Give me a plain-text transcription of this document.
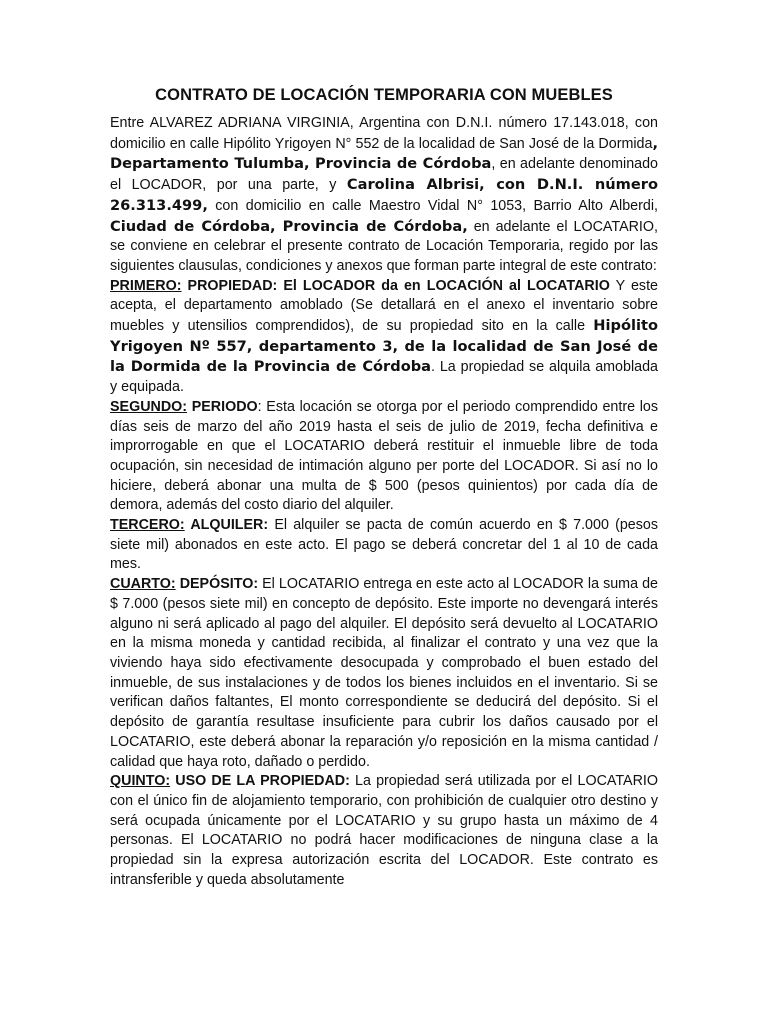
CONTRATO DE LOCACIÓN TEMPORARIA CON MUEBLES

Entre ALVAREZ ADRIANA VIRGINIA, Argentina con D.N.I. número 17.143.018, con domicilio en calle Hipólito Yrigoyen N° 552 de la localidad de San José de la Dormida, Departamento Tulumba, Provincia de Córdoba, en adelante denominado el LOCADOR, por una parte, y Carolina Albrisi, con D.N.I. número 26.313.499, con domicilio en calle Maestro Vidal N° 1053, Barrio Alto Alberdi, Ciudad de Córdoba, Provincia de Córdoba, en adelante el LOCATARIO, se conviene en celebrar el presente contrato de Locación Temporaria, regido por las siguientes clausulas, condiciones y anexos que forman parte integral de este contrato:

PRIMERO: PROPIEDAD: El LOCADOR da en LOCACIÓN al LOCATARIO Y este acepta, el departamento amoblado (Se detallará en el anexo el inventario sobre muebles y utensilios comprendidos), de su propiedad sito en la calle Hipólito Yrigoyen Nº 557, departamento 3, de la localidad de San José de la Dormida de la Provincia de Córdoba. La propiedad se alquila amoblada y equipada.

SEGUNDO: PERIODO: Esta locación se otorga por el periodo comprendido entre los días seis de marzo del año 2019 hasta el seis de julio de 2019, fecha definitiva e improrrogable en que el LOCATARIO deberá restituir el inmueble libre de toda ocupación, sin necesidad de intimación alguno per porte del LOCADOR. Si así no lo hiciere, deberá abonar una multa de $ 500 (pesos quinientos) por cada día de demora, además del costo diario del alquiler.

TERCERO: ALQUILER: El alquiler se pacta de común acuerdo en $ 7.000 (pesos siete mil) abonados en este acto. El pago se deberá concretar del 1 al 10 de cada mes.

CUARTO: DEPÓSITO: El LOCATARIO entrega en este acto al LOCADOR la suma de $ 7.000 (pesos siete mil) en concepto de depósito. Este importe no devengará interés alguno ni será aplicado al pago del alquiler. El depósito será devuelto al LOCATARIO en la misma moneda y cantidad recibida, al finalizar el contrato y una vez que la viviendo haya sido efectivamente desocupada y comprobado el buen estado del inmueble, de sus instalaciones y de todos los bienes incluidos en el inventario. Si se verifican daños faltantes, El monto correspondiente se deducirá del depósito. Si el depósito de garantía resultase insuficiente para cubrir los daños causado por el LOCATARIO, este deberá abonar la reparación y/o reposición en la misma cantidad / calidad que haya roto, dañado o perdido.

QUINTO: USO DE LA PROPIEDAD: La propiedad será utilizada por el LOCATARIO con el único fin de alojamiento temporario, con prohibición de cualquier otro destino y será ocupada únicamente por el LOCATARIO y su grupo hasta un máximo de 4 personas. El LOCATARIO no podrá hacer modificaciones de ninguna clase a la propiedad sin la expresa autorización escrita del LOCADOR. Este contrato es intransferible y queda absolutamente
